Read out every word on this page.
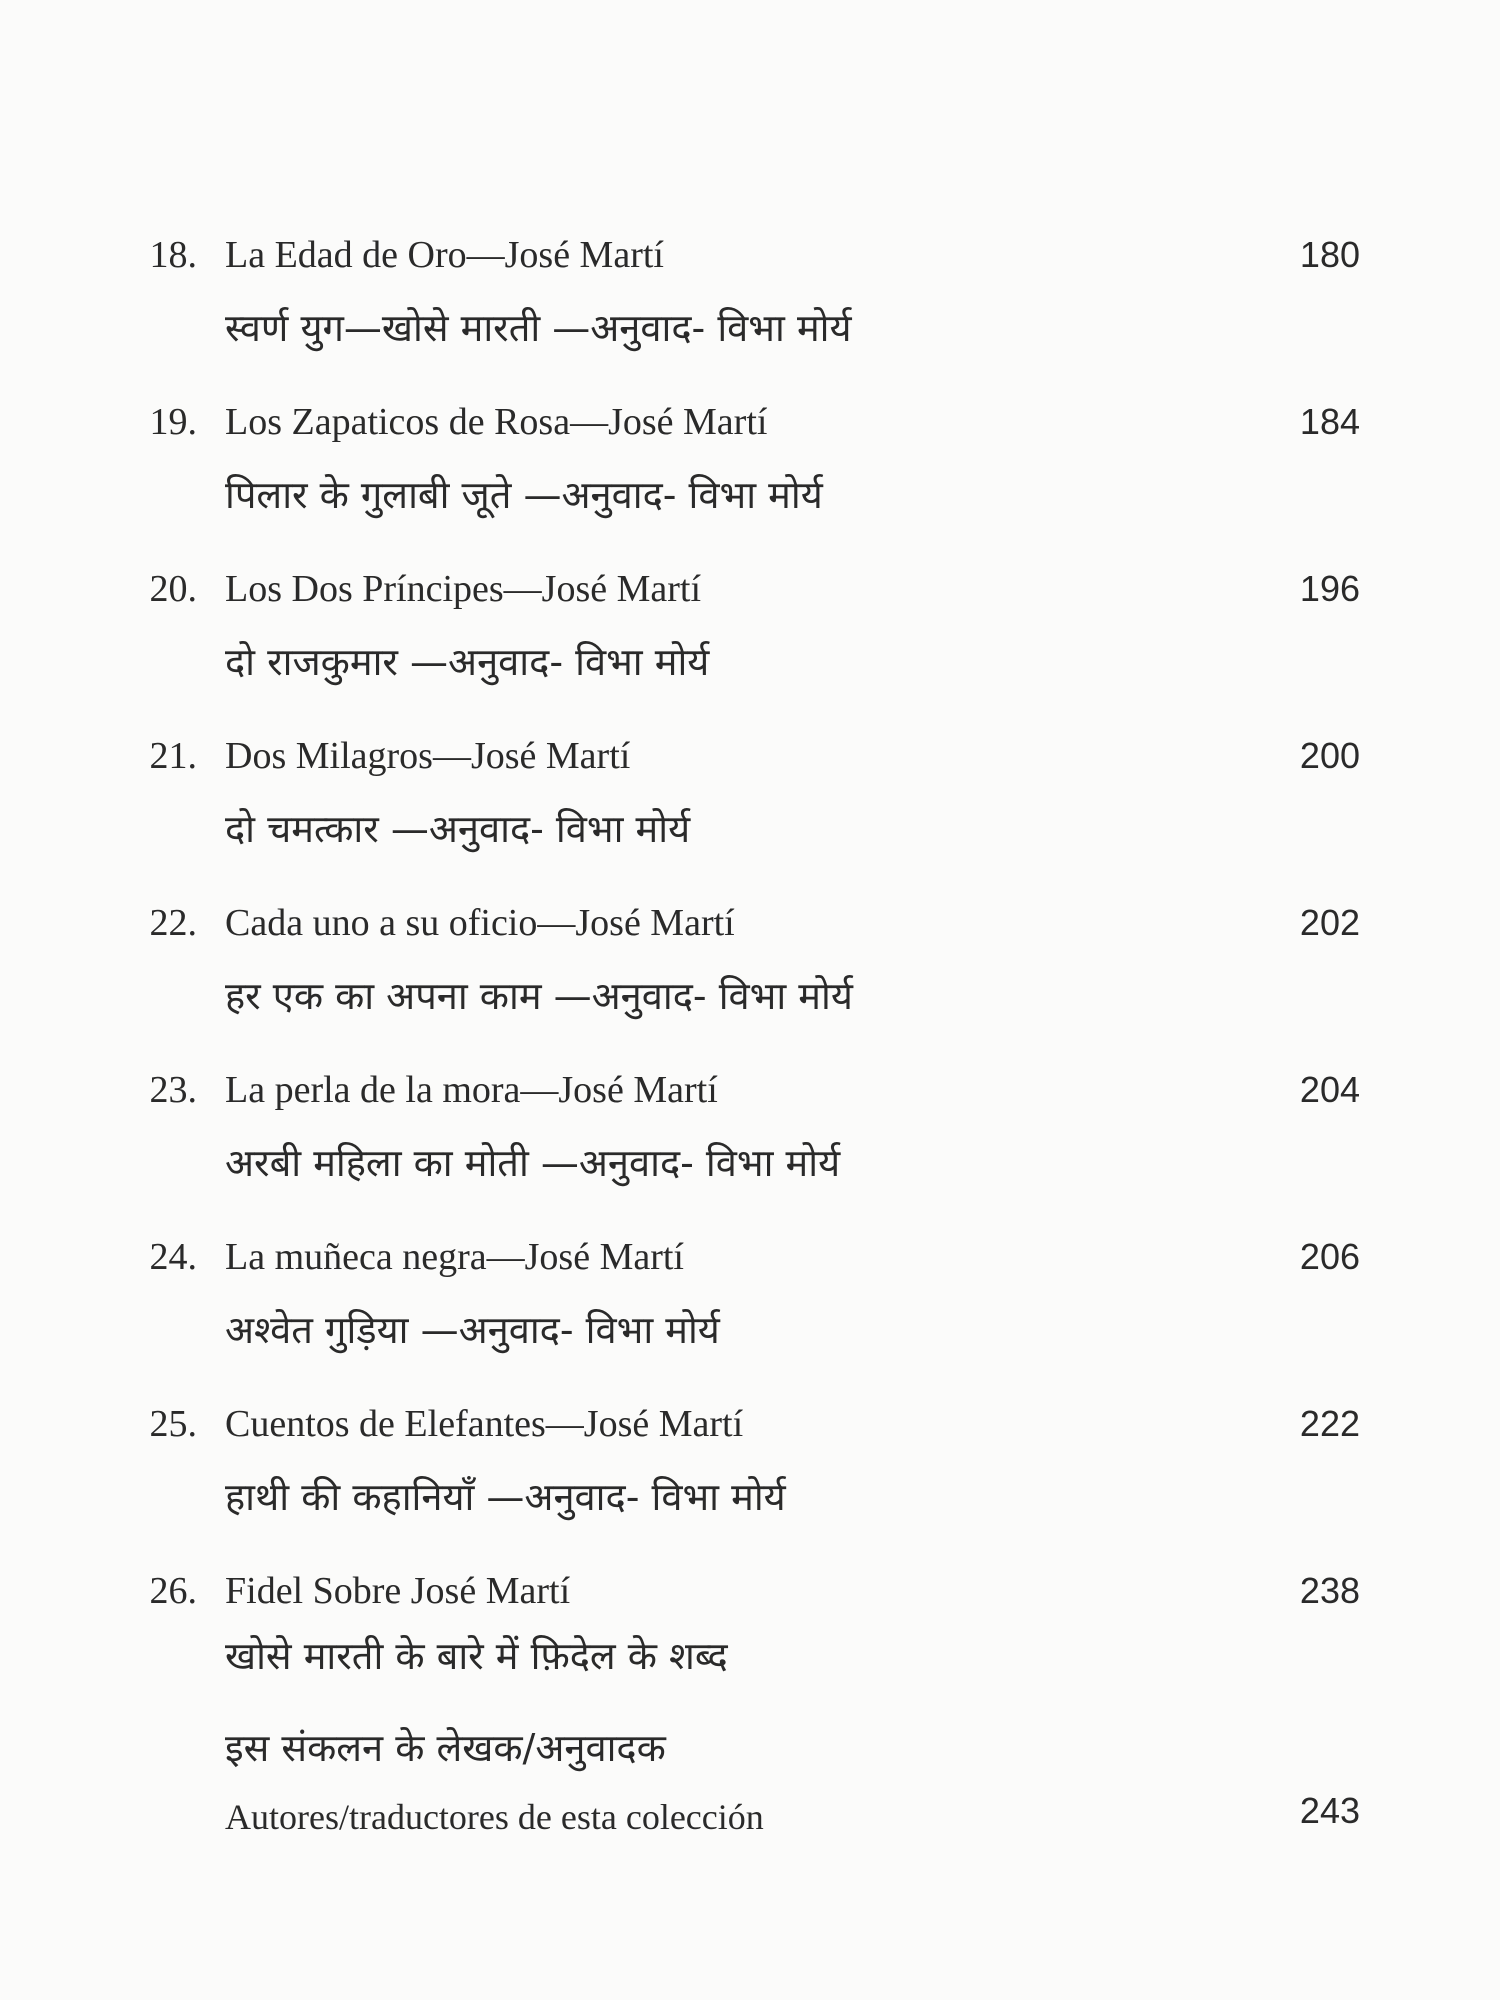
18. La Edad de Oro—José Martí
स्वर्ण युग—खोसे मारती —अनुवाद- विभा मोर्य
180
19. Los Zapaticos de Rosa—José Martí
पिलार के गुलाबी जूते —अनुवाद- विभा मोर्य
184
20. Los Dos Príncipes—José Martí
दो राजकुमार —अनुवाद- विभा मोर्य
196
21. Dos Milagros—José Martí
दो चमत्कार —अनुवाद- विभा मोर्य
200
22. Cada uno a su oficio—José Martí
हर एक का अपना काम —अनुवाद- विभा मोर्य
202
23. La perla de la mora—José Martí
अरबी महिला का मोती —अनुवाद- विभा मोर्य
204
24. La muñeca negra—José Martí
अश्वेत गुड़िया —अनुवाद- विभा मोर्य
206
25. Cuentos de Elefantes—José Martí
हाथी की कहानियाँ —अनुवाद- विभा मोर्य
222
26. Fidel Sobre José Martí
खोसे मारती के बारे में फ़िदेल के शब्द
238
इस संकलन के लेखक/अनुवादक
Autores/traductores de esta colección	243
